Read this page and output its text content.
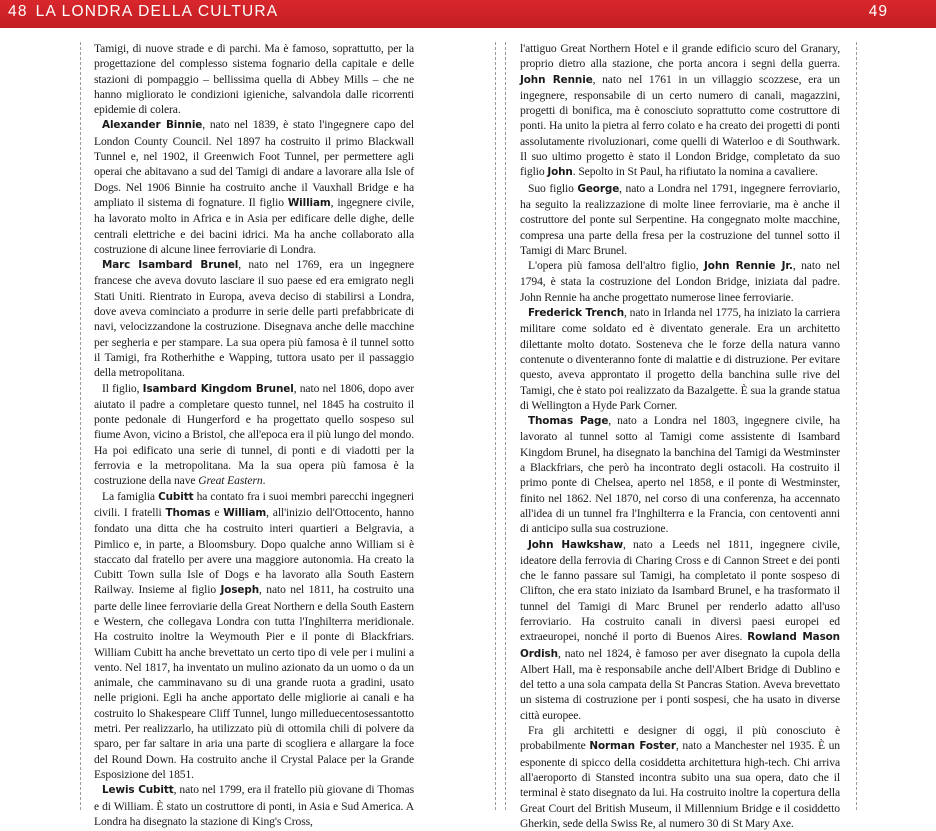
48 LA LONDRA DELLA CULTURA	49

Tamigi, di nuove strade e di parchi. Ma è famoso, soprattutto, per la progettazione del complesso sistema fognario della capitale e delle stazioni di pompaggio – bellissima quella di Abbey Mills – che ne hanno migliorato le condizioni igieniche, salvandola dalle ricorrenti epidemie di colera.

Alexander Binnie, nato nel 1839, è stato l'ingegnere capo del London County Council. Nel 1897 ha costruito il primo Blackwall Tunnel e, nel 1902, il Greenwich Foot Tunnel, per permettere agli operai che abitavano a sud del Tamigi di andare a lavorare alla Isle of Dogs. Nel 1906 Binnie ha costruito anche il Vauxhall Bridge e ha ampliato il sistema di fognature. Il figlio William, ingegnere civile, ha lavorato molto in Africa e in Asia per edificare delle dighe, delle centrali elettriche e dei bacini idrici. Ma ha anche collaborato alla costruzione di alcune linee ferroviarie di Londra.

Marc Isambard Brunel, nato nel 1769, era un ingegnere francese che aveva dovuto lasciare il suo paese ed era emigrato negli Stati Uniti. Rientrato in Europa, aveva deciso di stabilirsi a Londra, dove aveva cominciato a produrre in serie delle parti prefabbricate di navi, velocizzandone la costruzione. Disegnava anche delle macchine per segheria e per stampare. La sua opera più famosa è il tunnel sotto il Tamigi, fra Rotherhithe e Wapping, tuttora usato per il passaggio della metropolitana.

Il figlio, Isambard Kingdom Brunel, nato nel 1806, dopo aver aiutato il padre a completare questo tunnel, nel 1845 ha costruito il ponte pedonale di Hungerford e ha progettato quello sospeso sul fiume Avon, vicino a Bristol, che all'epoca era il più lungo del mondo. Ha poi edificato una serie di tunnel, di ponti e di viadotti per la ferrovia e la metropolitana. Ma la sua opera più famosa è la costruzione della nave Great Eastern.

La famiglia Cubitt ha contato fra i suoi membri parecchi ingegneri civili. I fratelli Thomas e William, all'inizio dell'Ottocento, hanno fondato una ditta che ha costruito interi quartieri a Belgravia, a Pimlico e, in parte, a Bloomsbury. Dopo qualche anno William si è staccato dal fratello per avere una maggiore autonomia. Ha creato la Cubitt Town sulla Isle of Dogs e ha lavorato alla South Eastern Railway. Insieme al figlio Joseph, nato nel 1811, ha costruito una parte delle linee ferroviarie della Great Northern e della South Eastern e Western, che collegava Londra con tutta l'Inghilterra meridionale. Ha costruito inoltre la Weymouth Pier e il ponte di Blackfriars. William Cubitt ha anche brevettato un certo tipo di vele per i mulini a vento. Nel 1817, ha inventato un mulino azionato da un uomo o da un animale, che camminavano su di una grande ruota a gradini, usato nelle prigioni. Egli ha anche apportato delle migliorie ai canali e ha costruito lo Shakespeare Cliff Tunnel, lungo milleduecentosessantotto metri. Per realizzarlo, ha utilizzato più di ottomila chili di polvere da sparo, per far saltare in aria una parte di scogliera e allargare la foce del Round Down. Ha costruito anche il Crystal Palace per la Grande Esposizione del 1851.

Lewis Cubitt, nato nel 1799, era il fratello più giovane di Thomas e di William. È stato un costruttore di ponti, in Asia e Sud America. A Londra ha disegnato la stazione di King's Cross,

l'attiguo Great Northern Hotel e il grande edificio scuro del Granary, proprio dietro alla stazione, che porta ancora i segni della guerra. John Rennie, nato nel 1761 in un villaggio scozzese, era un ingegnere, responsabile di un certo numero di canali, magazzini, progetti di bonifica, ma è conosciuto soprattutto come costruttore di ponti. Ha unito la pietra al ferro colato e ha creato dei progetti di ponti assolutamente rivoluzionari, come quelli di Waterloo e di Southwark. Il suo ultimo progetto è stato il London Bridge, completato da suo figlio John. Sepolto in St Paul, ha rifiutato la nomina a cavaliere.

Suo figlio George, nato a Londra nel 1791, ingegnere ferroviario, ha seguito la realizzazione di molte linee ferroviarie, ma è anche il costruttore del ponte sul Serpentine. Ha congegnato molte macchine, compresa una parte della fresa per la costruzione del tunnel sotto il Tamigi di Marc Brunel.

L'opera più famosa dell'altro figlio, John Rennie Jr., nato nel 1794, è stata la costruzione del London Bridge, iniziata dal padre. John Rennie ha anche progettato numerose linee ferroviarie.

Frederick Trench, nato in Irlanda nel 1775, ha iniziato la carriera militare come soldato ed è diventato generale. Era un architetto dilettante molto dotato. Sosteneva che le forze della natura vanno contenute o diventeranno fonte di malattie e di distruzione. Per evitare questo, aveva approntato il progetto della banchina sulle rive del Tamigi, che è stato poi realizzato da Bazalgette. È sua la grande statua di Wellington a Hyde Park Corner.

Thomas Page, nato a Londra nel 1803, ingegnere civile, ha lavorato al tunnel sotto al Tamigi come assistente di Isambard Kingdom Brunel, ha disegnato la banchina del Tamigi da Westminster a Blackfriars, che però ha incontrato degli ostacoli. Ha costruito il primo ponte di Chelsea, aperto nel 1858, e il ponte di Westminster, finito nel 1862. Nel 1870, nel corso di una conferenza, ha accennato all'idea di un tunnel fra l'Inghilterra e la Francia, con centoventi anni di anticipo sulla sua costruzione.

John Hawkshaw, nato a Leeds nel 1811, ingegnere civile, ideatore della ferrovia di Charing Cross e di Cannon Street e dei ponti che le fanno passare sul Tamigi, ha completato il ponte sospeso di Clifton, che era stato iniziato da Isambard Brunel, e ha trasformato il tunnel del Tamigi di Marc Brunel per renderlo adatto all'uso ferroviario. Ha costruito canali in diversi paesi europei ed extraeuropei, nonché il porto di Buenos Aires. Rowland Mason Ordish, nato nel 1824, è famoso per aver disegnato la cupola della Albert Hall, ma è responsabile anche dell'Albert Bridge di Dublino e del tetto a una sola campata della St Pancras Station. Aveva brevettato un sistema di costruzione per i ponti sospesi, che ha usato in diverse città europee.

Fra gli architetti e designer di oggi, il più conosciuto è probabilmente Norman Foster, nato a Manchester nel 1935. È un esponente di spicco della cosiddetta architettura high-tech. Chi arriva all'aeroporto di Stansted incontra subito una sua opera, dato che il terminal è stato disegnato da lui. Ha costruito inoltre la copertura della Great Court del British Museum, il Millennium Bridge e il cosiddetto Gherkin, sede della Swiss Re, al numero 30 di St Mary Axe.
